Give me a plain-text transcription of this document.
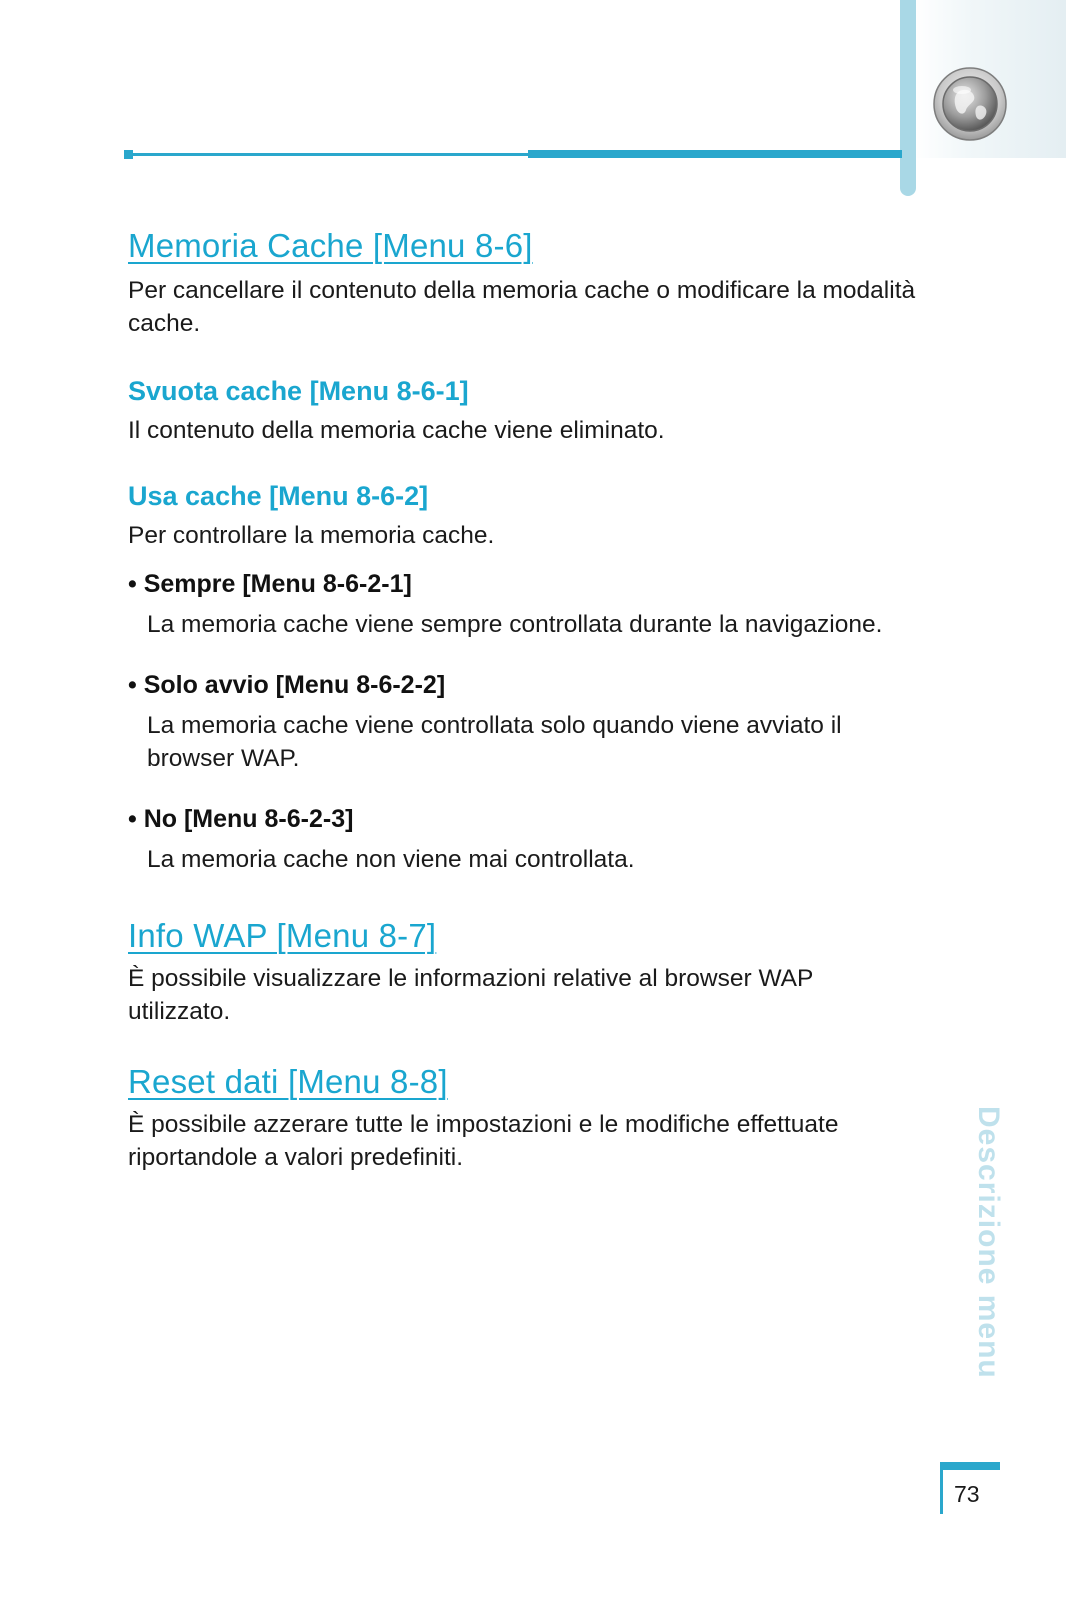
Memoria Cache [Menu 8-6]

Per cancellare il contenuto della memoria cache o modificare la modalità cache.

Svuota cache [Menu 8-6-1]

Il contenuto della memoria cache viene eliminato.

Usa cache [Menu 8-6-2]

Per controllare la memoria cache.

• Sempre [Menu 8-6-2-1]

La memoria cache viene sempre controllata durante la navigazione.

• Solo avvio [Menu 8-6-2-2]

La memoria cache viene controllata solo quando viene avviato il browser WAP.

• No [Menu 8-6-2-3]

La memoria cache non viene mai controllata.

Info WAP [Menu 8-7]

È possibile visualizzare le informazioni relative al browser WAP utilizzato.

Reset dati [Menu 8-8]

È possibile azzerare tutte le impostazioni e le modifiche effettuate riportandole a valori predefiniti.	Descrizione menu
73
